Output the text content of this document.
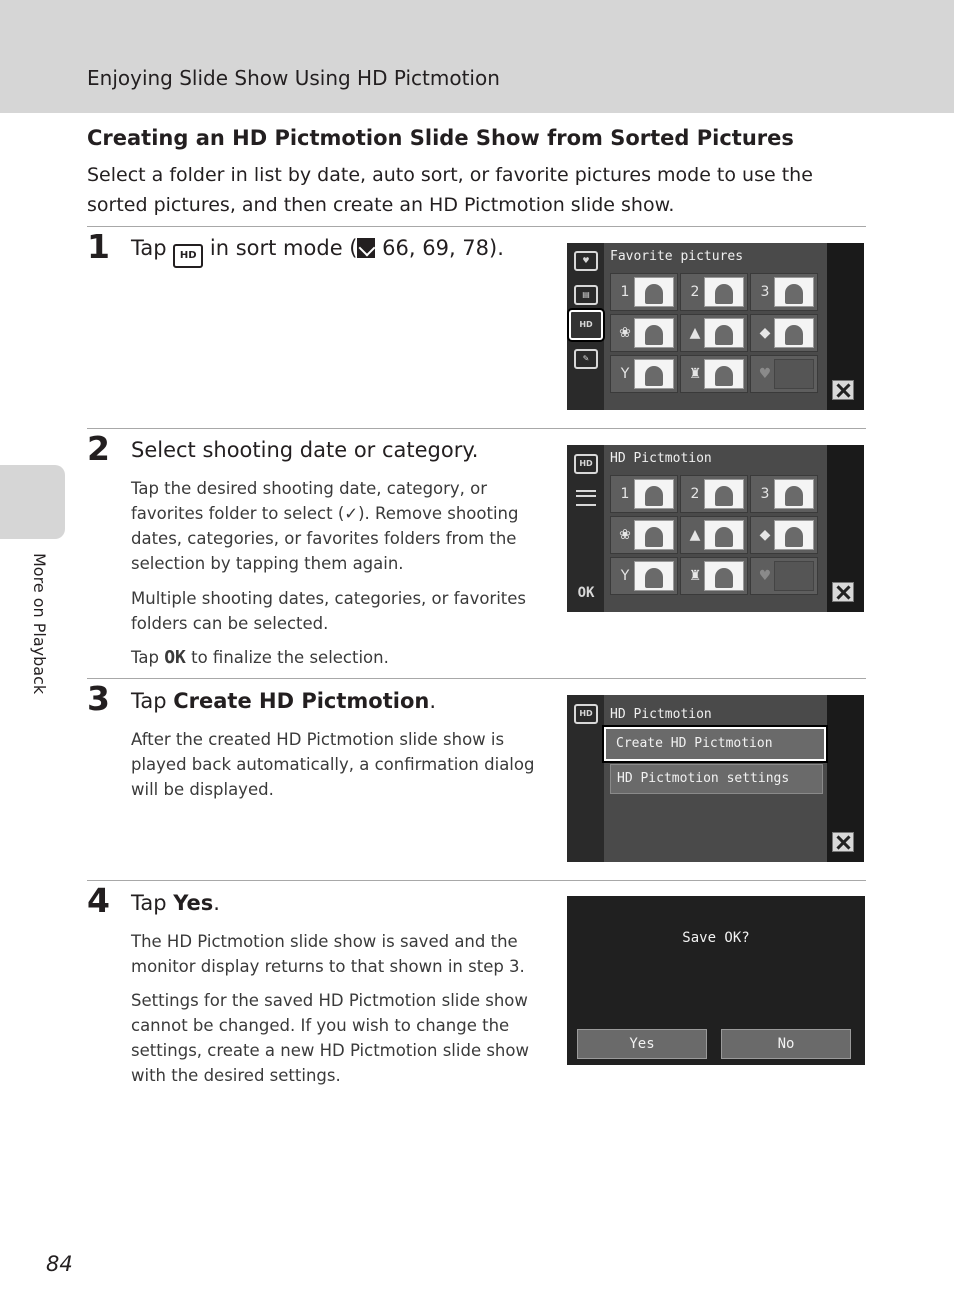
Enjoying Slide Show Using HD Pictmotion
More on Playback
Creating an HD Pictmotion Slide Show from Sorted Pictures
Select a folder in list by date, auto sort, or favorite pictures mode to use the sorted pictures, and then create an HD Pictmotion slide show.
1 Tap HD in sort mode ( 66, 69, 78).	Favorite pictures
♥
▤
HD
✎
1	2	3
❀	▲	◆
Y	♜	♥
2 Select shooting date or category.
Tap the desired shooting date, category, or favorites folder to select (✓). Remove shooting dates, categories, or favorites folders from the selection by tapping them again.
Multiple shooting dates, categories, or favorites folders can be selected.
Tap OK to finalize the selection.
HD Pictmotion
HD
OK
1	2	3
❀	▲	◆
Y	♜	♥
3 Tap Create HD Pictmotion.
After the created HD Pictmotion slide show is played back automatically, a confirmation dialog will be displayed.
HD Pictmotion
HD
Create HD Pictmotion
HD Pictmotion settings
4 Tap Yes.
The HD Pictmotion slide show is saved and the monitor display returns to that shown in step 3.
Settings for the saved HD Pictmotion slide show cannot be changed. If you wish to change the settings, create a new HD Pictmotion slide show with the desired settings.
Save OK?
Yes	No
84
